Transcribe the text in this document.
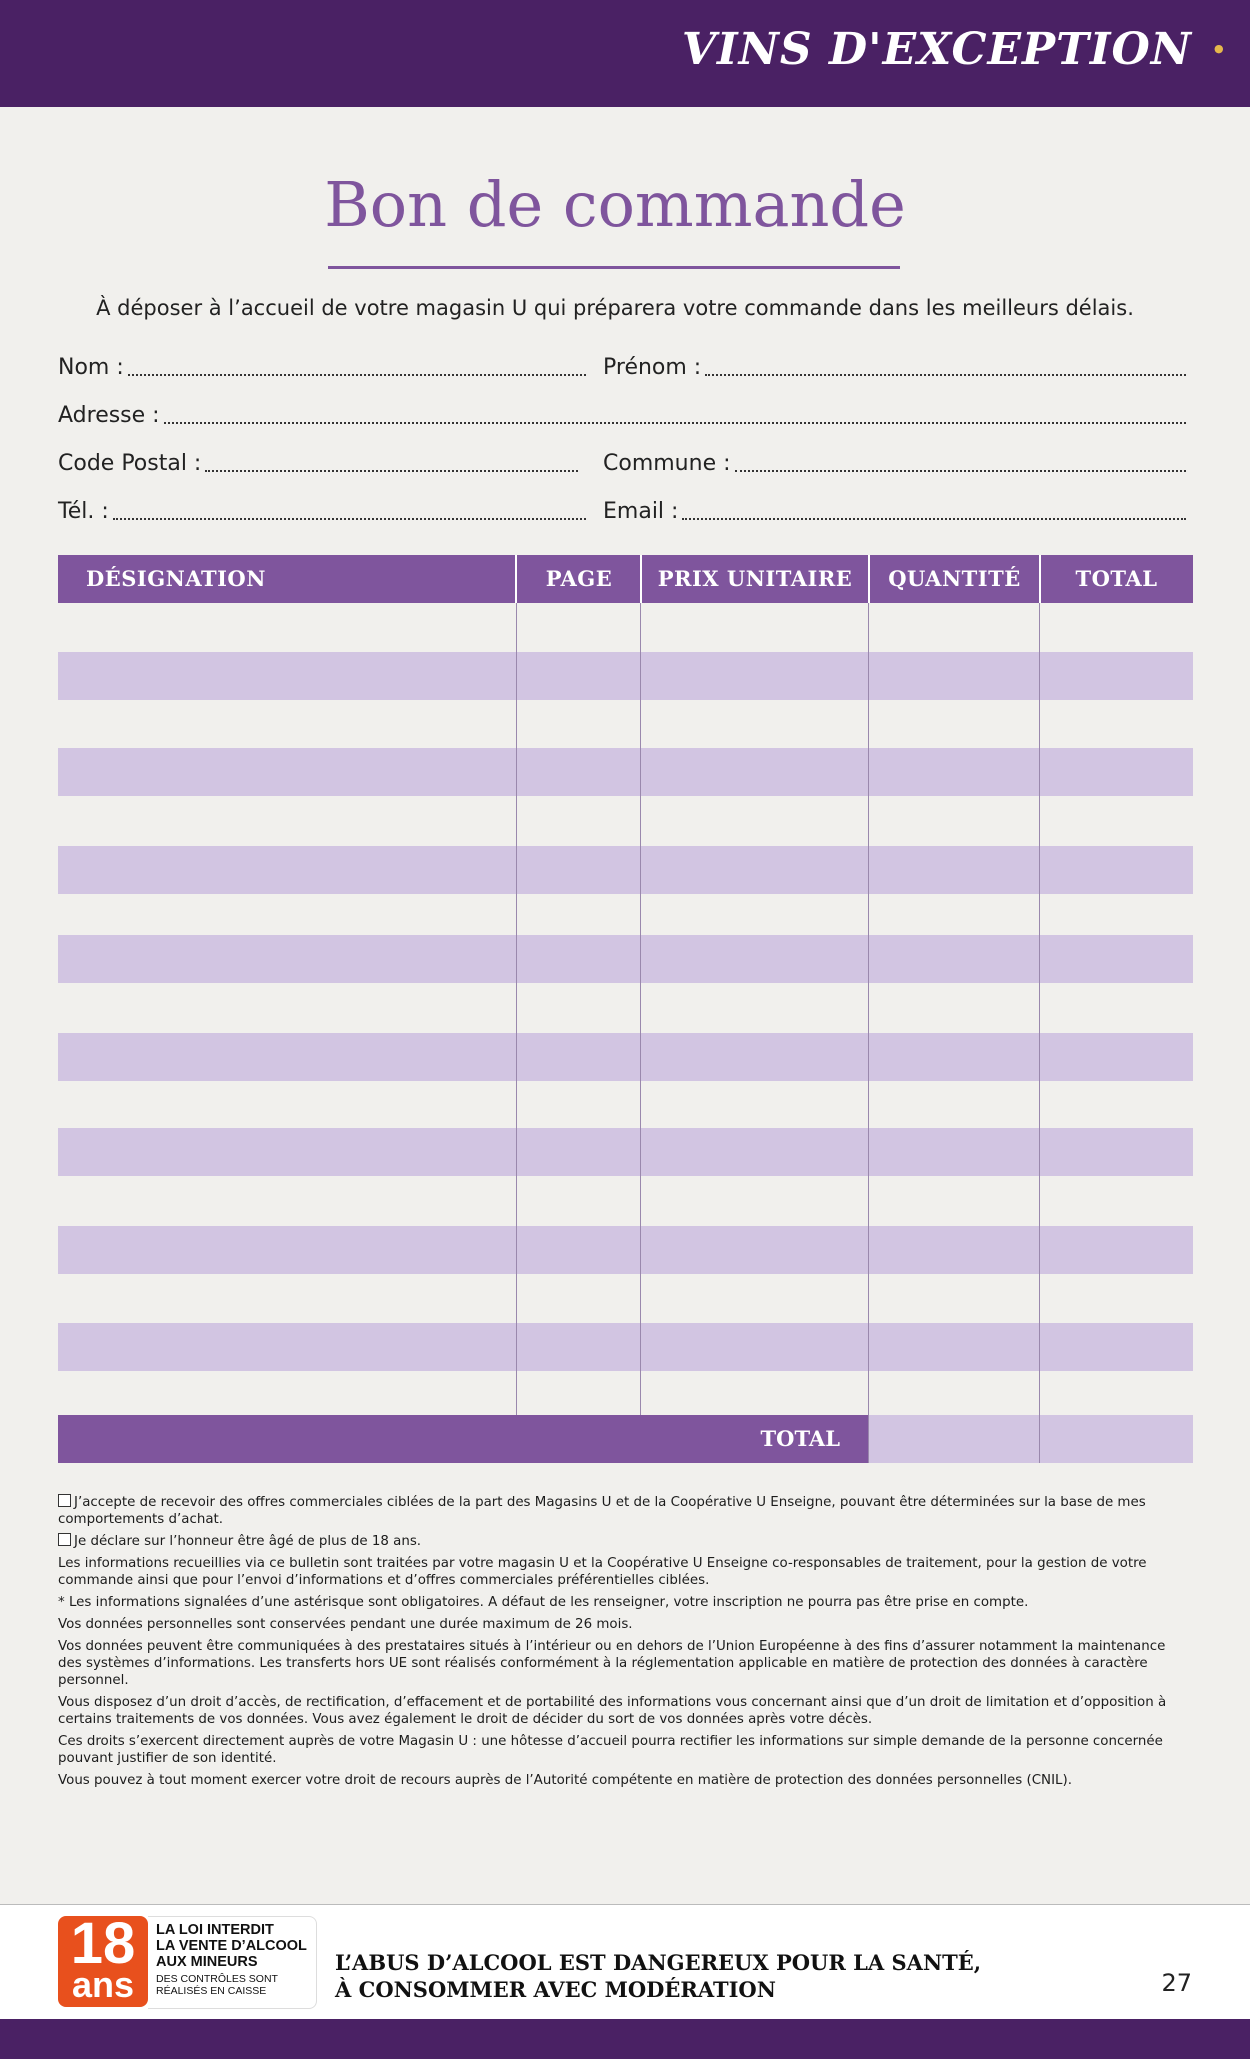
VINS D'EXCEPTION ●
Bon de commande
À déposer à l’accueil de votre magasin U qui préparera votre commande dans les meilleurs délais.
Nom :	Prénom :
Adresse :
Code Postal :	Commune :
Tél. :	Email :
DÉSIGNATION	PAGE	PRIX UNITAIRE	QUANTITÉ	TOTAL
TOTAL

J’accepte de recevoir des offres commerciales ciblées de la part des Magasins U et de la Coopérative U Enseigne, pouvant être déterminées sur la base de mes comportements d’achat.

Je déclare sur l’honneur être âgé de plus de 18 ans.

Les informations recueillies via ce bulletin sont traitées par votre magasin U et la Coopérative U Enseigne co-responsables de traitement, pour la gestion de votre commande ainsi que pour l’envoi d’informations et d’offres commerciales préférentielles ciblées.

* Les informations signalées d’une astérisque sont obligatoires. A défaut de les renseigner, votre inscription ne pourra pas être prise en compte.

Vos données personnelles sont conservées pendant une durée maximum de 26 mois.

Vos données peuvent être communiquées à des prestataires situés à l’intérieur ou en dehors de l’Union Européenne à des fins d’assurer notamment la maintenance des systèmes d’informations. Les transferts hors UE sont réalisés conformément à la réglementation applicable en matière de protection des données à caractère personnel.

Vous disposez d’un droit d’accès, de rectification, d’effacement et de portabilité des informations vous concernant ainsi que d’un droit de limitation et d’opposition à certains traitements de vos données. Vous avez également le droit de décider du sort de vos données après votre décès.

Ces droits s’exercent directement auprès de votre Magasin U : une hôtesse d’accueil pourra rectifier les informations sur simple demande de la personne concernée pouvant justifier de son identité.

Vous pouvez à tout moment exercer votre droit de recours auprès de l’Autorité compétente en matière de protection des données personnelles (CNIL).

18
ans
LA LOI INTERDIT
LA VENTE D’ALCOOL
AUX MINEURS
DES CONTRÔLES SONT
RÉALISÉS EN CAISSE
L’ABUS D’ALCOOL EST DANGEREUX POUR LA SANTÉ,
À CONSOMMER AVEC MODÉRATION	27
